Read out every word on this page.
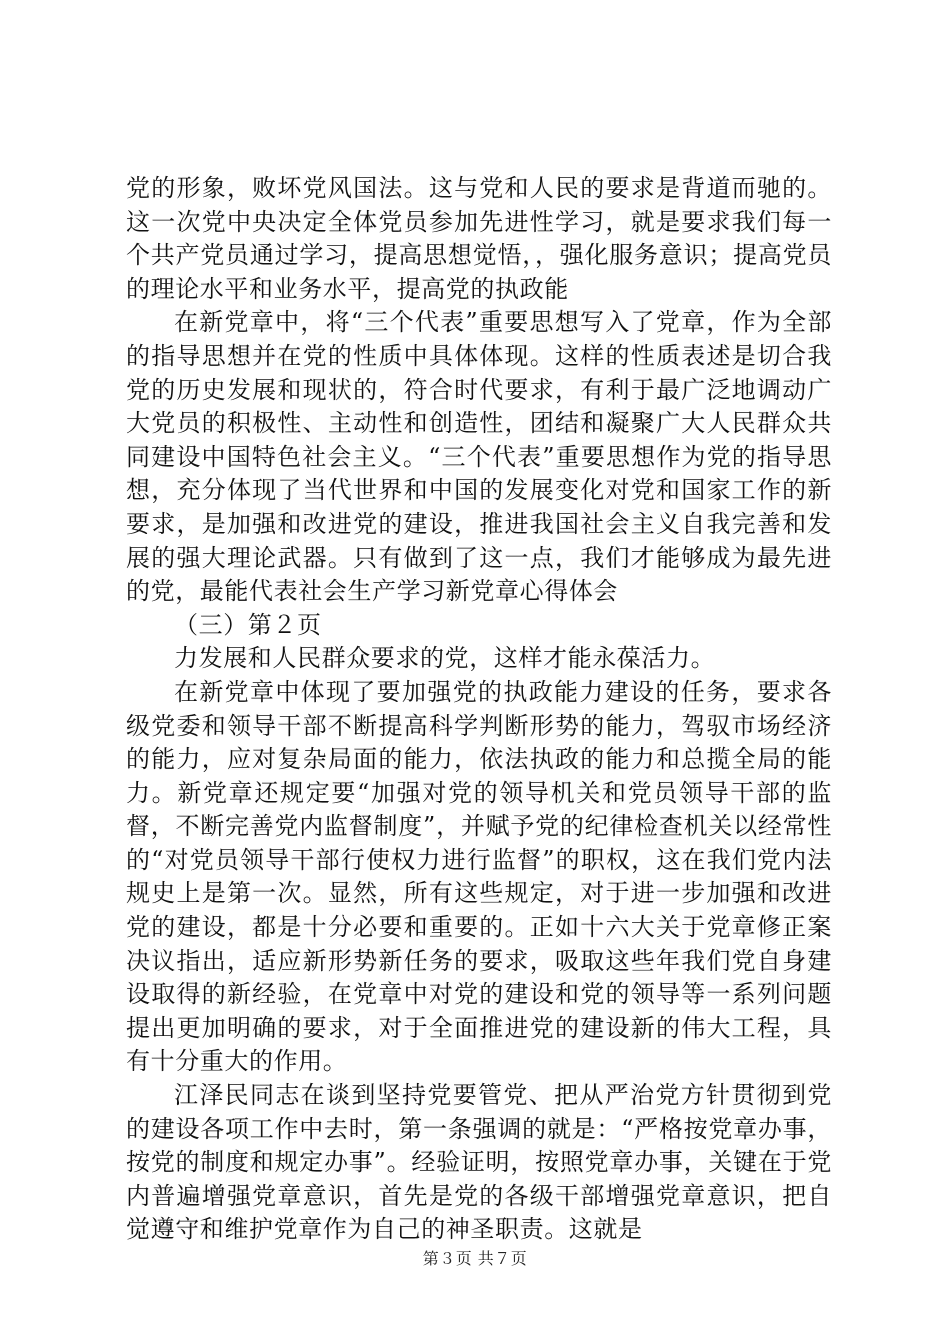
党的形象，败坏党风国法。这与党和人民的要求是背道而驰的。这一次党中央决定全体党员参加先进性学习，就是要求我们每一个共产党员通过学习，提高思想觉悟，，强化服务意识；提高党员的理论水平和业务水平，提高党的执政能

在新党章中，将“三个代表”重要思想写入了党章，作为全部的指导思想并在党的性质中具体体现。这样的性质表述是切合我党的历史发展和现状的，符合时代要求，有利于最广泛地调动广大党员的积极性、主动性和创造性，团结和凝聚广大人民群众共同建设中国特色社会主义。“三个代表”重要思想作为党的指导思想，充分体现了当代世界和中国的发展变化对党和国家工作的新要求，是加强和改进党的建设，推进我国社会主义自我完善和发展的强大理论武器。只有做到了这一点，我们才能够成为最先进的党，最能代表社会生产学习新党章心得体会

（三）第２页

力发展和人民群众要求的党，这样才能永葆活力。

在新党章中体现了要加强党的执政能力建设的任务，要求各级党委和领导干部不断提高科学判断形势的能力，驾驭市场经济的能力，应对复杂局面的能力，依法执政的能力和总揽全局的能力。新党章还规定要“加强对党的领导机关和党员领导干部的监督，不断完善党内监督制度”，并赋予党的纪律检查机关以经常性的“对党员领导干部行使权力进行监督”的职权，这在我们党内法规史上是第一次。显然，所有这些规定，对于进一步加强和改进党的建设，都是十分必要和重要的。正如十六大关于党章修正案决议指出，适应新形势新任务的要求，吸取这些年我们党自身建设取得的新经验，在党章中对党的建设和党的领导等一系列问题提出更加明确的要求，对于全面推进党的建设新的伟大工程，具有十分重大的作用。

江泽民同志在谈到坚持党要管党、把从严治党方针贯彻到党的建设各项工作中去时，第一条强调的就是：“严格按党章办事，按党的制度和规定办事”。经验证明，按照党章办事，关键在于党内普遍增强党章意识，首先是党的各级干部增强党章意识，把自觉遵守和维护党章作为自己的神圣职责。这就是

第３页 共７页
